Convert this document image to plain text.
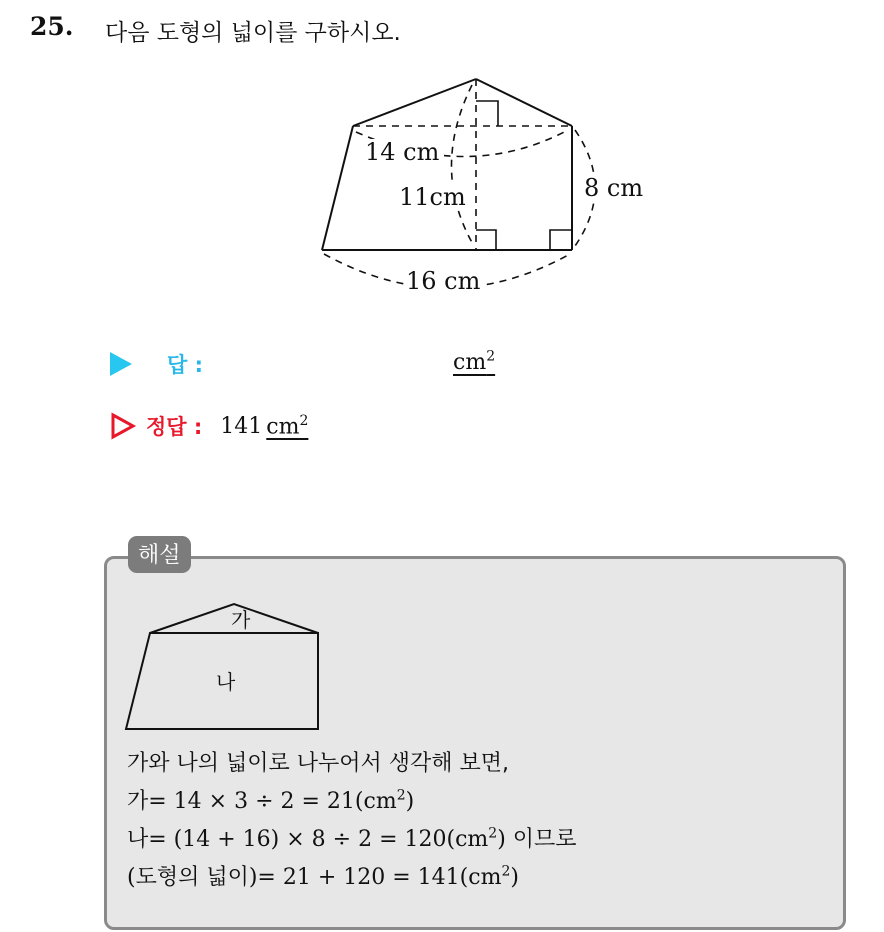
25. 다음 도형의 넓이를 구하시오.
14 cm
11cm	8 cm
16 cm
답 :	$cm^2$
정답 : 141 $cm^2$
해설
가
나
가와 나의 넓이로 나누어서 생각해 보면,
가= $14 \times 3 \div 2 = 21(cm^2)$
나= $(14 + 16) \times 8 \div 2 = 120(cm^2)$ 이므로
(도형의 넓이)= $21 + 120 = 141(cm^2)$
